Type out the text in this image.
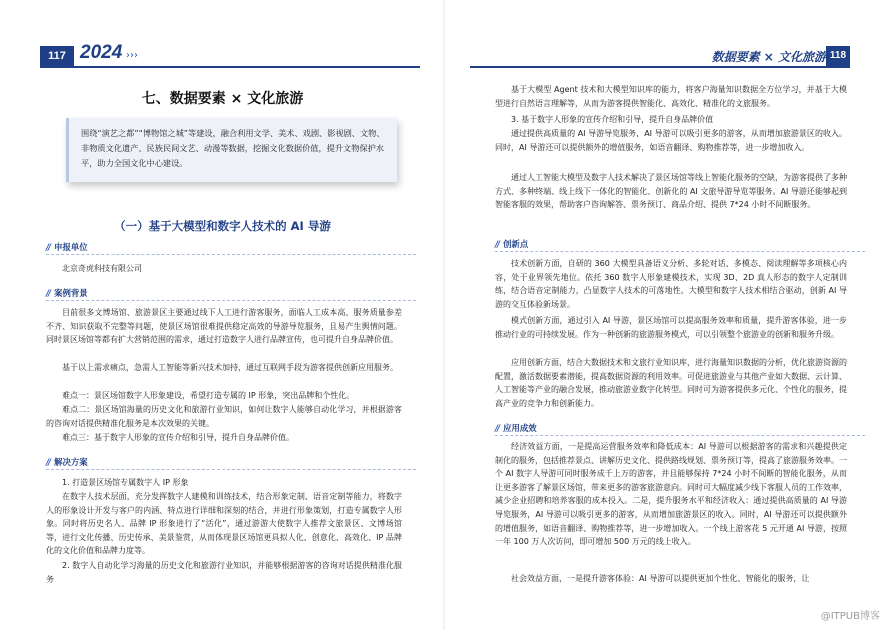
117 2024 ›››
七、数据要素 × 文化旅游
围绕“演艺之都”“博物馆之城”等建设，融合利用文学、美术、戏剧、影视剧、文物、非物质文化遗产、民族民间文艺、动漫等数据，挖掘文化数据价值，提升文物保护水平，助力全国文化中心建设。
（一）基于大模型和数字人技术的 AI 导游
// 申报单位
北京奇虎科技有限公司
// 案例背景
目前很多文博场馆、旅游景区主要通过线下人工进行游客服务，面临人工成本高、服务质量参差不齐、知识获取不完整等问题，使景区场馆很难提供稳定高效的导游导览服务，且易产生舆情问题。同时景区场馆等都有扩大营销范围的需求，通过打造数字人进行品牌宣传，也可提升自身品牌价值。
基于以上需求痛点，急需人工智能等新兴技术加持，通过互联网手段为游客提供创新应用服务。
难点一：景区场馆数字人形象建设，希望打造专属的 IP 形象，突出品牌和个性化。
难点二：景区场馆海量的历史文化和旅游行业知识，如何让数字人能够自动化学习，并根据游客的咨询对话提供精准化服务是本次效果的关键。
难点三：基于数字人形象的宣传介绍和引导，提升自身品牌价值。
// 解决方案
1. 打造景区场馆专属数字人 IP 形象
在数字人技术层面，充分发挥数字人建模和训练技术，结合形象定制、语音定制等能力，将数字人的形象设计开发与客户的内涵、特点进行详细和深刻的结合，并进行形象策划，打造专属数字人形象。同时将历史名人、品牌 IP 形象进行了“活化”，通过游游大使数字人推荐文旅景区、文博场馆等，进行文化传播、历史传承、美景鉴赏，从而体现景区场馆更具拟人化、创意化、高效化、IP 品牌化的文化价值和品牌力度等。
2. 数字人自动化学习海量的历史文化和旅游行业知识，并能够根据游客的咨询对话提供精准化服务
数据要素 × 文化旅游 118
基于大模型 Agent 技术和大模型知识库的能力，将客户海量知识数据全方位学习，并基于大模型进行自然语言理解等，从而为游客提供智能化、高效化、精准化的文旅服务。
3. 基于数字人形象的宣传介绍和引导，提升自身品牌价值
通过提供高质量的 AI 导游导览服务，AI 导游可以吸引更多的游客，从而增加旅游景区的收入。同时，AI 导游还可以提供额外的增值服务，如语音翻译、购物推荐等，进一步增加收入。
通过人工智能大模型及数字人技术解决了景区场馆等线上智能化服务的空缺，为游客提供了多种方式、多种终端、线上线下一体化的智能化、创新化的 AI 文旅导游导览等服务。AI 导游还能够起到智能客服的效果，帮助客户咨询解答、票务预订、商品介绍、提供 7*24 小时不间断服务。
// 创新点
技术创新方面，自研的 360 大模型具备语义分析、多轮对话、多模态、阅读理解等多项核心内容，处于业界领先地位。依托 360 数字人形象建模技术，实现 3D、2D 真人形态的数字人定制训练，结合语音定制能力，凸显数字人技术的可落地性。大模型和数字人技术相结合驱动，创新 AI 导游的交互体验新场景。
模式创新方面，通过引入 AI 导游，景区场馆可以提高服务效率和质量，提升游客体验，进一步推动行业的可持续发展。作为一种创新的旅游服务模式，可以引领整个旅游业的创新和服务升级。
应用创新方面，结合大数据技术和文旅行业知识库，进行海量知识数据的分析，优化旅游资源的配置，激活数据要素潜能，提高数据资源的利用效率。可促进旅游业与其他产业如大数据、云计算、人工智能等产业的融合发展，推动旅游业数字化转型。同时可为游客提供多元化、个性化的服务，提高产业的竞争力和创新能力。
// 应用成效
经济效益方面，一是提高运营服务效率和降低成本：AI 导游可以根据游客的需求和兴趣提供定制化的服务，包括推荐景点、讲解历史文化、提供路线规划、票务预订等，提高了旅游服务效率。一个 AI 数字人导游可同时服务成千上万的游客，并且能够保持 7*24 小时不间断的智能化服务，从而让更多游客了解景区场馆，带来更多的游客旅游意向。同时可大幅度减少线下客服人员的工作效率，减少企业招聘和培养客服的成本投入。二是，提升服务水平和经济收入：通过提供高质量的 AI 导游导览服务，AI 导游可以吸引更多的游客，从而增加旅游景区的收入。同时，AI 导游还可以提供额外的增值服务，如语音翻译、购物推荐等，进一步增加收入。一个线上游客花 5 元开通 AI 导游，按照一年 100 万人次访问，即可增加 500 万元的线上收入。
社会效益方面，一是提升游客体验：AI 导游可以提供更加个性化、智能化的服务，让
@ITPUB博客
